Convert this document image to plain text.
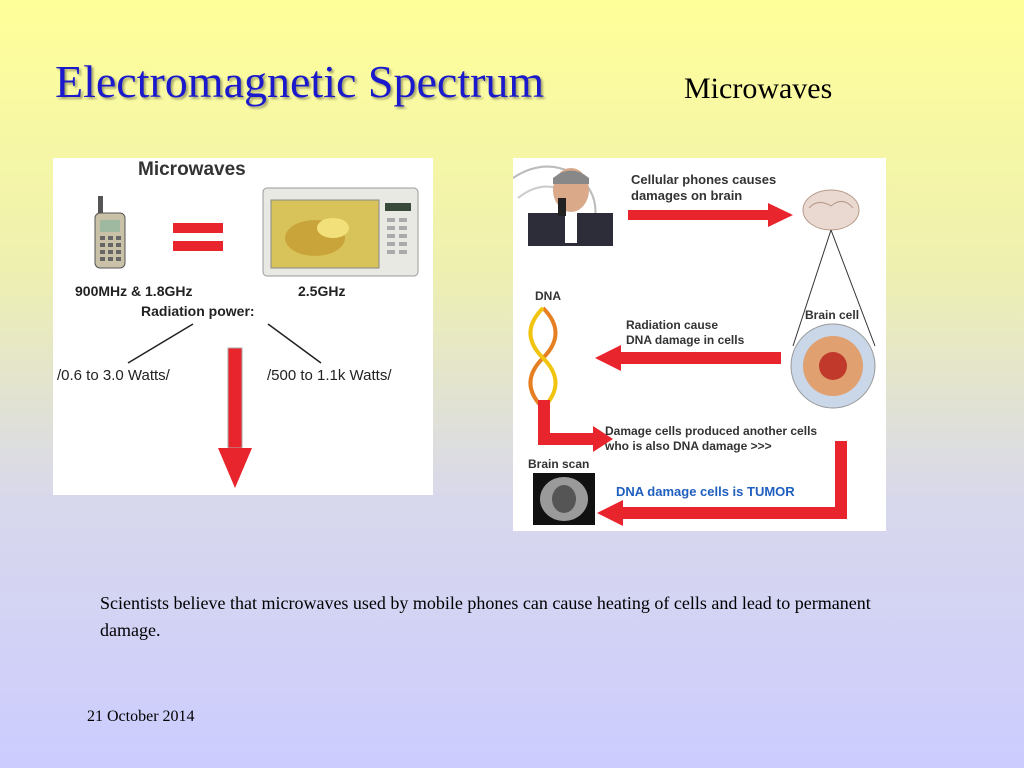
Electromagnetic Spectrum	Microwaves
Microwaves
900MHz & 1.8GHz	2.5GHz
Radiation power:
/0.6 to 3.0 Watts/	/500 to 1.1k Watts/
Cellular phones causes
damages on brain
Brain cell
DNA
Radiation cause
DNA damage in cells
Damage cells produced another cells
who is also DNA damage >>>
Brain scan
DNA damage cells is TUMOR
Scientists believe that microwaves used by mobile phones can cause heating of cells and lead to permanent damage.
21 October 2014
